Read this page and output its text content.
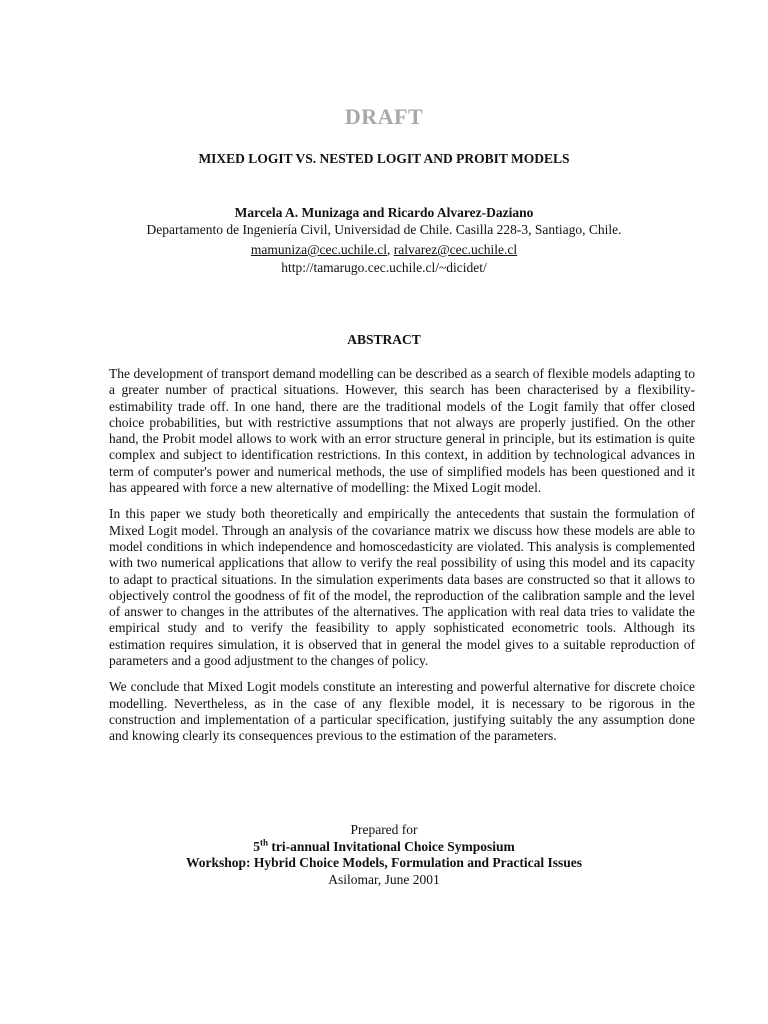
DRAFT
MIXED LOGIT VS. NESTED LOGIT AND PROBIT MODELS
Marcela A. Munizaga and Ricardo Alvarez-Daziano
Departamento de Ingeniería Civil, Universidad de Chile. Casilla 228-3, Santiago, Chile.
mamuniza@cec.uchile.cl, ralvarez@cec.uchile.cl
http://tamarugo.cec.uchile.cl/~dicidet/
ABSTRACT

The development of transport demand modelling can be described as a search of flexible models adapting to a greater number of practical situations. However, this search has been characterised by a flexibility-estimability trade off. In one hand, there are the traditional models of the Logit family that offer closed choice probabilities, but with restrictive assumptions that not always are properly justified. On the other hand, the Probit model allows to work with an error structure general in principle, but its estimation is quite complex and subject to identification restrictions. In this context, in addition by technological advances in term of computer's power and numerical methods, the use of simplified models has been questioned and it has appeared with force a new alternative of modelling: the Mixed Logit model.

In this paper we study both theoretically and empirically the antecedents that sustain the formulation of Mixed Logit model. Through an analysis of the covariance matrix we discuss how these models are able to model conditions in which independence and homoscedasticity are violated. This analysis is complemented with two numerical applications that allow to verify the real possibility of using this model and its capacity to adapt to practical situations. In the simulation experiments data bases are constructed so that it allows to objectively control the goodness of fit of the model, the reproduction of the calibration sample and the level of answer to changes in the attributes of the alternatives. The application with real data tries to validate the empirical study and to verify the feasibility to apply sophisticated econometric tools. Although its estimation requires simulation, it is observed that in general the model gives to a suitable reproduction of parameters and a good adjustment to the changes of policy.

We conclude that Mixed Logit models constitute an interesting and powerful alternative for discrete choice modelling. Nevertheless, as in the case of any flexible model, it is necessary to be rigorous in the construction and implementation of a particular specification, justifying suitably the any assumption done and knowing clearly its consequences previous to the estimation of the parameters.

Prepared for
5th tri-annual Invitational Choice Symposium
Workshop: Hybrid Choice Models, Formulation and Practical Issues
Asilomar, June 2001
